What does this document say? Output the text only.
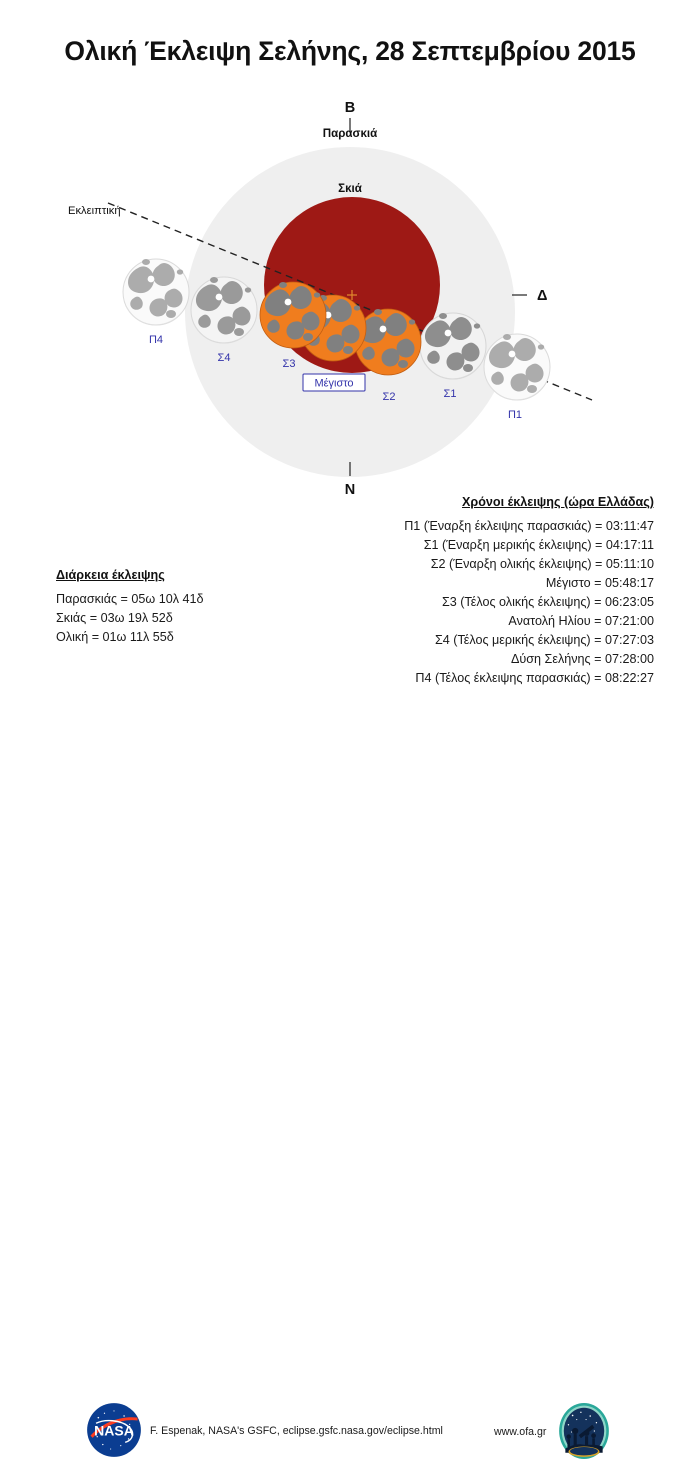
Ολική Έκλειψη Σελήνης, 28 Σεπτεμβρίου 2015
Β
Παρασκιά
Σκιά
Ν
Δ
Εκλειπτική
Π4
Σ4
Σ1
Π1
Σ2
Σ3
Μέγιστο
Διάρκεια έκλειψης
Παρασκιάς = 05ω 10λ 41δ
Σκιάς = 03ω 19λ 52δ
Ολική = 01ω 11λ 55δ
Χρόνοι έκλειψης (ώρα Ελλάδας)
Π1 (Έναρξη έκλειψης παρασκιάς) = 03:11:47
Σ1 (Έναρξη μερικής έκλειψης) = 04:17:11
Σ2 (Έναρξη ολικής έκλειψης) = 05:11:10
Μέγιστο = 05:48:17
Σ3 (Τέλος ολικής έκλειψης) = 06:23:05
Ανατολή Ηλίου = 07:21:00
Σ4 (Τέλος μερικής έκλειψης) = 07:27:03
Δύση Σελήνης = 07:28:00
Π4 (Τέλος έκλειψης παρασκιάς) = 08:22:27
NASA F. Espenak, NASA's GSFC, eclipse.gsfc.nasa.gov/eclipse.html	www.ofa.gr
